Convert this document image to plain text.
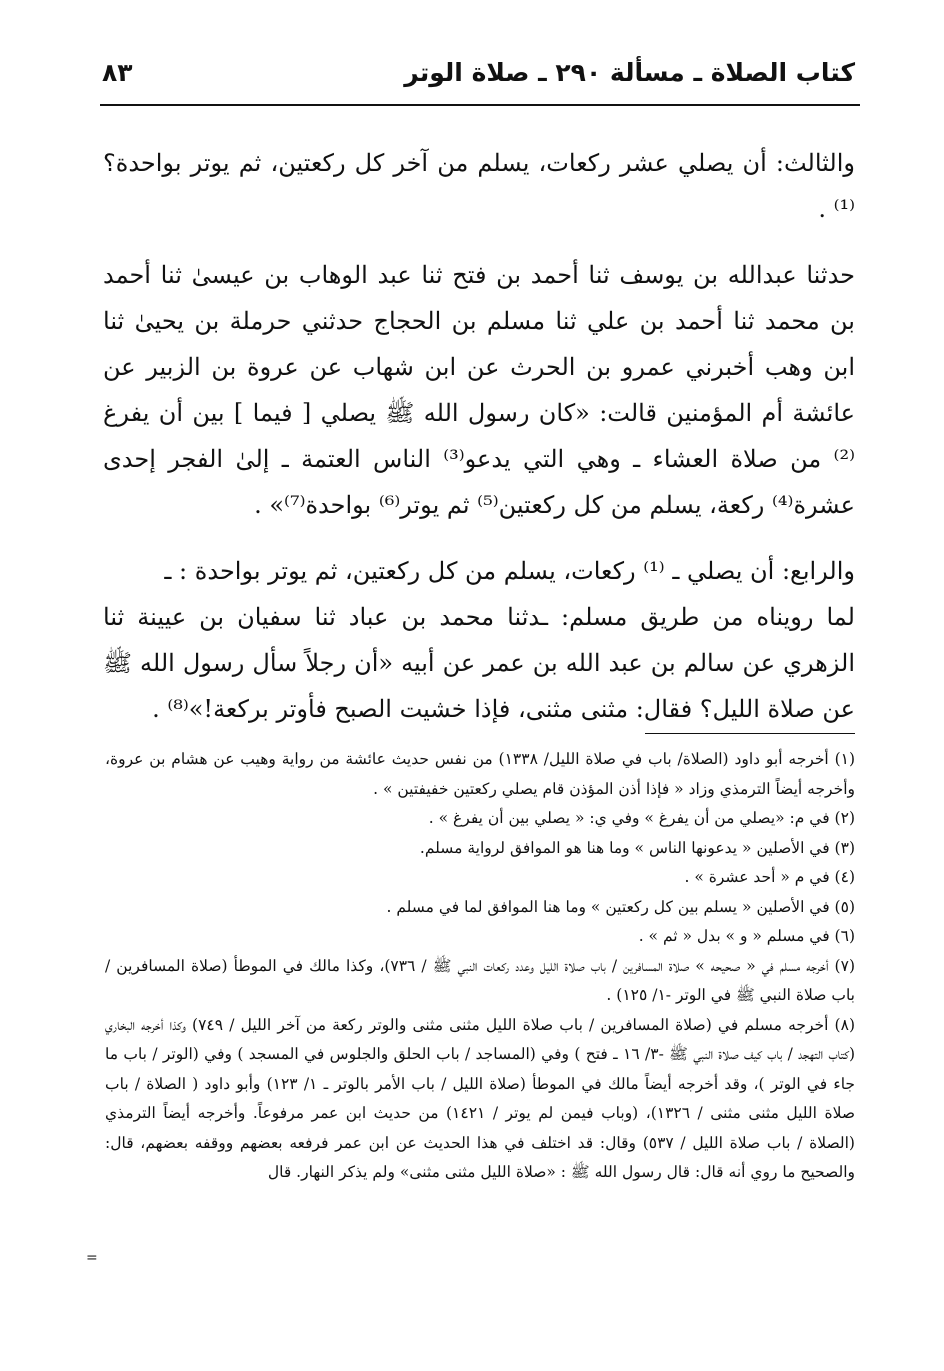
كتاب الصلاة ـ مسألة ٢٩٠ ـ صلاة الوتر
٨٣

والثالث: أن يصلي عشر ركعات، يسلم من آخر كل ركعتين، ثم يوتر بواحدة؟⁽¹⁾ .

حدثنا عبدالله بن يوسف ثنا أحمد بن فتح ثنا عبد الوهاب بن عيسىٰ ثنا أحمد بن محمد ثنا أحمد بن علي ثنا مسلم بن الحجاج حدثني حرملة بن يحيىٰ ثنا ابن وهب أخبرني عمرو بن الحرث عن ابن شهاب عن عروة بن الزبير عن عائشة أم المؤمنين قالت: «كان رسول الله ﷺ يصلي [ فيما ] بين أن يفرغ ⁽²⁾ من صلاة العشاء ـ وهي التي يدعو⁽³⁾ الناس العتمة ـ إلىٰ الفجر إحدى عشرة⁽⁴⁾ ركعة، يسلم من كل ركعتين⁽⁵⁾ ثم يوتر⁽⁶⁾ بواحدة⁽⁷⁾» .

والرابع: أن يصلي ـ ⁽¹⁾ ركعات، يسلم من كل ركعتين، ثم يوتر بواحدة : ـ

لما رويناه من طريق مسلم: ـدثنا محمد بن عباد ثنا سفيان بن عيينة ثنا الزهري عن سالم بن عبد الله بن عمر عن أبيه «أن رجلاً سأل رسول الله ﷺ عن صلاة الليل؟ فقال: مثنى مثنى، فإذا خشيت الصبح فأوتر بركعة!»⁽⁸⁾ .

(١) أخرجه أبو داود (الصلاة/ باب في صلاة الليل/ ١٣٣٨) من نفس حديث عائشة من رواية وهيب عن هشام بن عروة، وأخرجه أيضاً الترمذي وزاد « فإذا أذن المؤذن قام يصلي ركعتين خفيفتين » .

(٢) في م: «يصلي من أن يفرغ » وفي ي: « يصلي بين أن يفرغ » .

(٣) في الأصلين « يدعونها الناس » وما هنا هو الموافق لرواية مسلم.

(٤) في م « أحد عشرة » .

(٥) في الأصلين « يسلم بين كل ركعتين » وما هنا الموافق لما في مسلم .

(٦) في مسلم « و » بدل « ثم » .

(٧) أخرجه مسلم في « صحيحه » صلاة المسافرين / باب صلاة الليل وعدد ركعات النبي ﷺ / ٧٣٦)، وكذا مالك في الموطأ (صلاة المسافرين / باب صلاة النبي ﷺ في الوتر -١/ ١٢٥) .

(٨) أخرجه مسلم في (صلاة المسافرين / باب صلاة الليل مثنى مثنى والوتر ركعة من آخر الليل / ٧٤٩) وكذا أخرجه البخاري (كتاب التهجد / باب كيف صلاة النبي ﷺ -٣/ ١٦ ـ فتح ) وفي (المساجد / باب الحلق والجلوس في المسجد ) وفي (الوتر / باب ما جاء في الوتر )، وقد أخرجه أيضاً مالك في الموطأ (صلاة الليل / باب الأمر بالوتر ـ ١/ ١٢٣) وأبو داود ( الصلاة / باب صلاة الليل مثنى مثنى / ١٣٢٦)، (وباب فيمن لم يوتر / ١٤٢١) من حديث ابن عمر مرفوعاً. وأخرجه أيضاً الترمذي (الصلاة / باب صلاة الليل / ٥٣٧) وقال: قد اختلف في هذا الحديث عن ابن عمر فرفعه بعضهم ووقفه بعضهم، قال: والصحيح ما روي أنه قال: قال رسول الله ﷺ : «صلاة الليل مثنى مثنى» ولم يذكر النهار. قال

=
